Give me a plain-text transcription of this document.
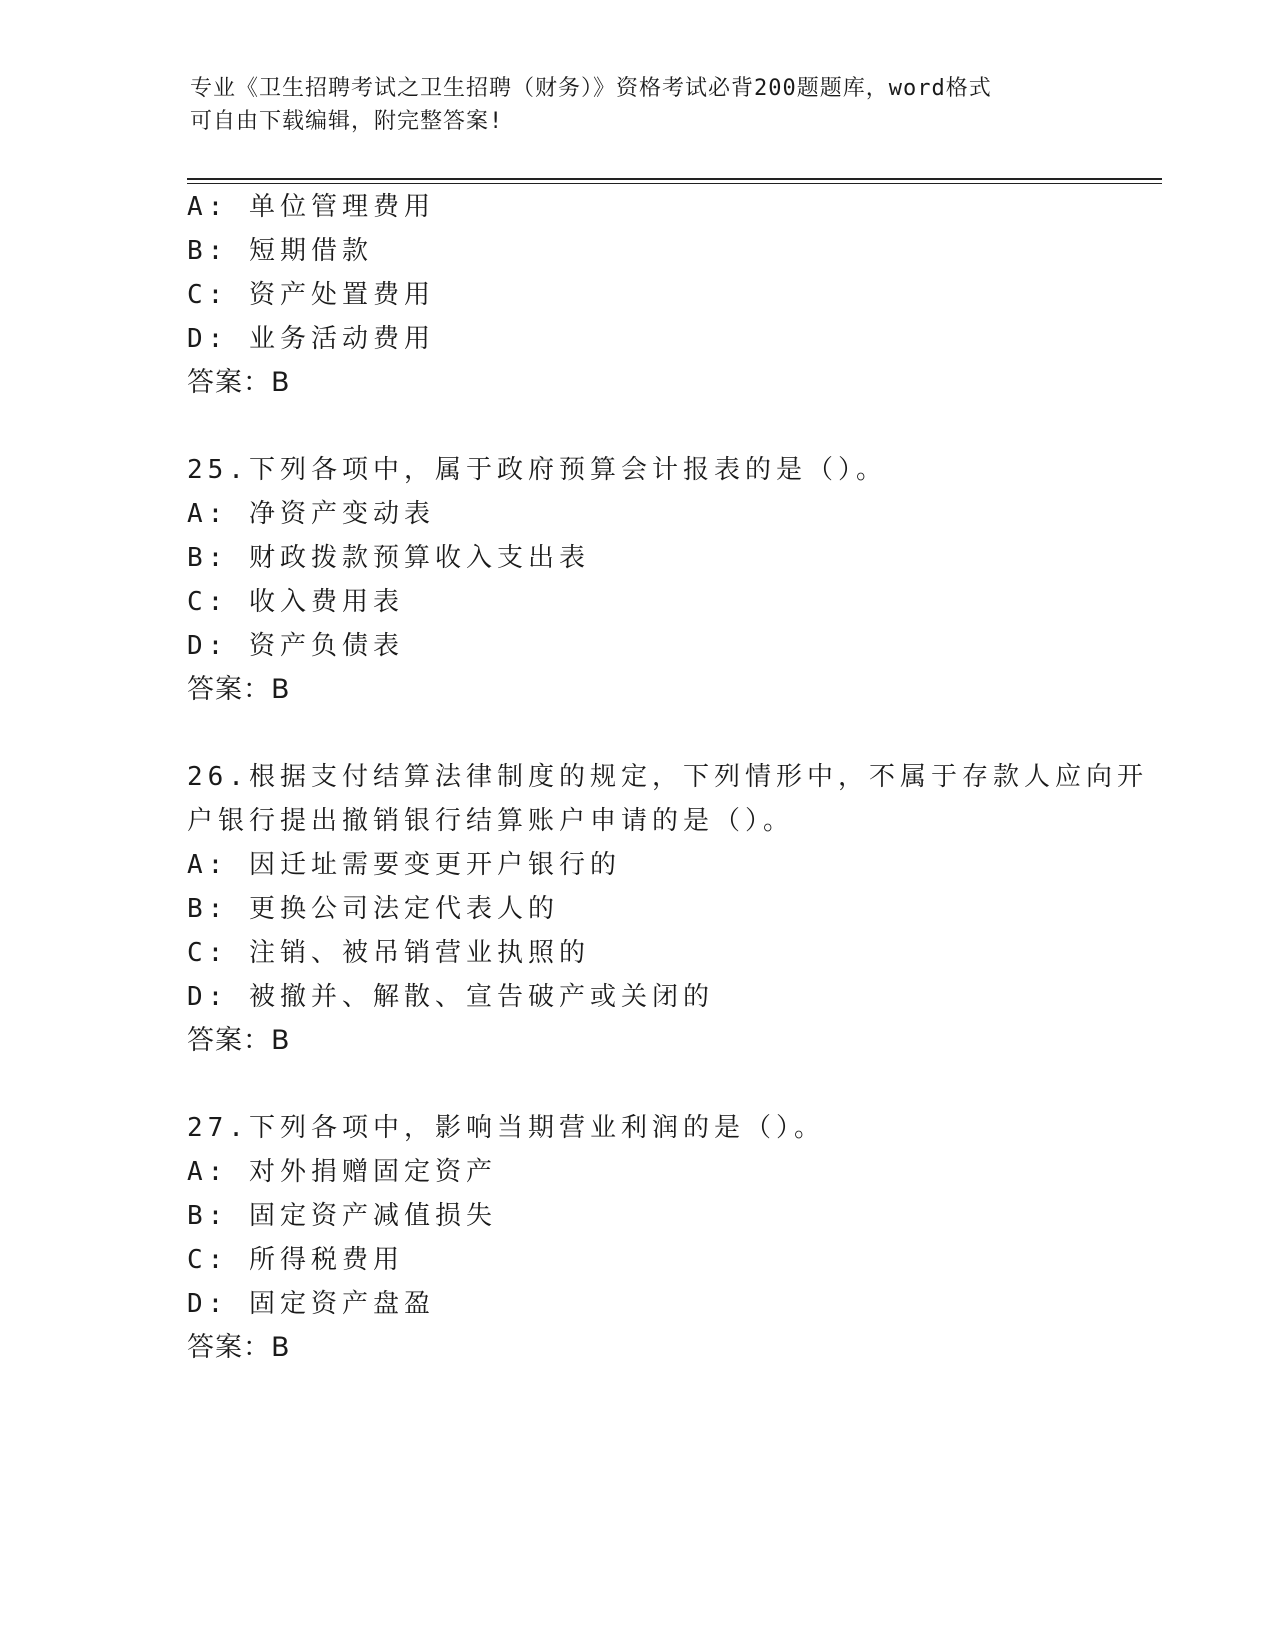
专业《卫生招聘考试之卫生招聘（财务）》资格考试必背200题题库，word格式
可自由下载编辑，附完整答案!
A: 单位管理费用
B: 短期借款
C: 资产处置费用
D: 业务活动费用
答案：B
25.下列各项中，属于政府预算会计报表的是（）。
A: 净资产变动表
B: 财政拨款预算收入支出表
C: 收入费用表
D: 资产负债表
答案：B
26.根据支付结算法律制度的规定，下列情形中，不属于存款人应向开
户银行提出撤销银行结算账户申请的是（）。
A: 因迁址需要变更开户银行的
B: 更换公司法定代表人的
C: 注销、被吊销营业执照的
D: 被撤并、解散、宣告破产或关闭的
答案：B
27.下列各项中，影响当期营业利润的是（）。
A: 对外捐赠固定资产
B: 固定资产减值损失
C: 所得税费用
D: 固定资产盘盈
答案：B
